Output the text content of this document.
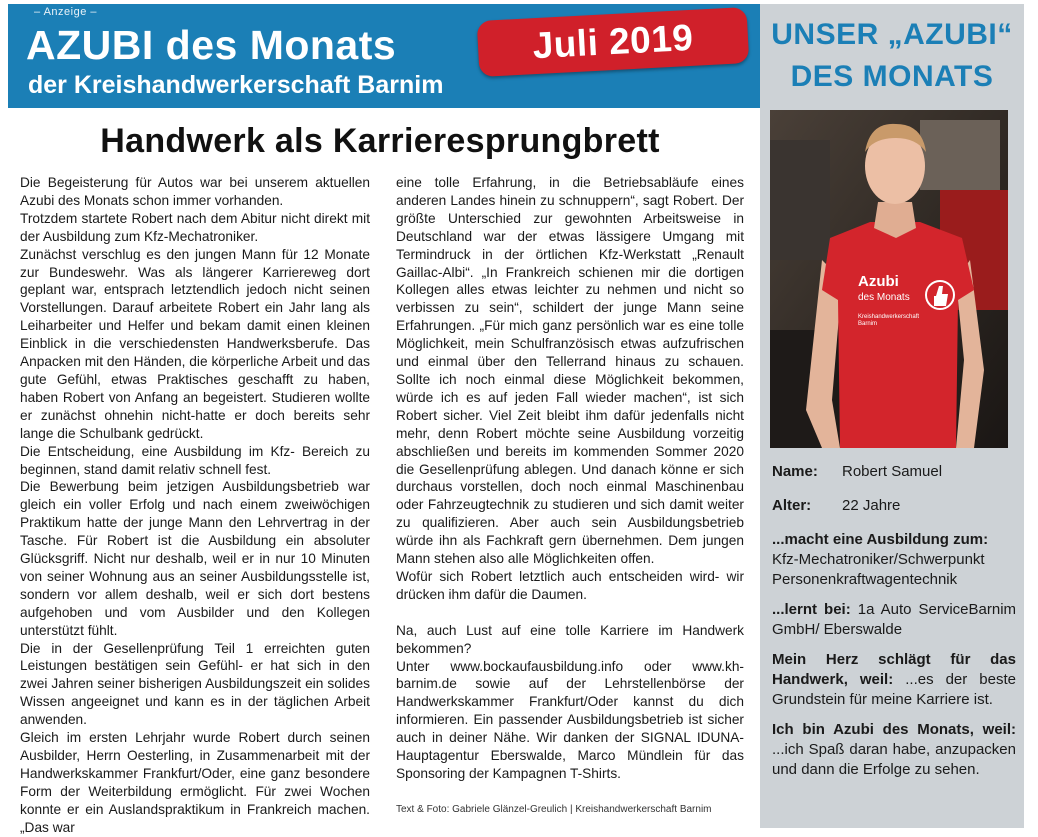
– Anzeige –
AZUBI des Monats
der Kreishandwerkerschaft Barnim
Juli 2019
Handwerk als Karrieresprungbrett

Die Begeisterung für Autos war bei unserem aktuellen Azubi des Monats schon immer vorhanden.

Trotzdem startete Robert nach dem Abitur nicht direkt mit der Ausbildung zum Kfz-Mechatroniker.

Zunächst verschlug es den jungen Mann für 12 Monate zur Bundeswehr. Was als längerer Karriereweg dort geplant war, entsprach letztendlich jedoch nicht seinen Vorstellungen. Darauf arbeitete Robert ein Jahr lang als Leiharbeiter und Helfer und bekam damit einen kleinen Einblick in die verschiedensten Handwerksberufe. Das Anpacken mit den Händen, die körperliche Arbeit und das gute Gefühl, etwas Praktisches geschafft zu haben, haben Robert von Anfang an begeistert. Studieren wollte er zunächst ohnehin nicht-hatte er doch bereits sehr lange die Schulbank gedrückt.

Die Entscheidung, eine Ausbildung im Kfz- Bereich zu beginnen, stand damit relativ schnell fest.

Die Bewerbung beim jetzigen Ausbildungsbetrieb war gleich ein voller Erfolg und nach einem zweiwöchigen Praktikum hatte der junge Mann den Lehrvertrag in der Tasche. Für Robert ist die Ausbildung ein absoluter Glücksgriff. Nicht nur deshalb, weil er in nur 10 Minuten von seiner Wohnung aus an seiner Ausbildungsstelle ist, sondern vor allem deshalb, weil er sich dort bestens aufgehoben und vom Ausbilder und den Kollegen unterstützt fühlt.

Die in der Gesellenprüfung Teil 1 erreichten guten Leistungen bestätigen sein Gefühl- er hat sich in den zwei Jahren seiner bisherigen Ausbildungszeit ein solides Wissen angeeignet und kann es in der täglichen Arbeit anwenden.

Gleich im ersten Lehrjahr wurde Robert durch seinen Ausbilder, Herrn Oesterling, in Zusammenarbeit mit der Handwerkskammer Frankfurt/Oder, eine ganz besondere Form der Weiterbildung ermöglicht. Für zwei Wochen konnte er ein Auslandspraktikum in Frankreich machen. „Das war

eine tolle Erfahrung, in die Betriebsabläufe eines anderen Landes hinein zu schnuppern“, sagt Robert. Der größte Unterschied zur gewohnten Arbeitsweise in Deutschland war der etwas lässigere Umgang mit Termindruck in der örtlichen Kfz-Werkstatt „Renault Gaillac-Albi“. „In Frankreich schienen mir die dortigen Kollegen alles etwas leichter zu nehmen und nicht so verbissen zu sein“, schildert der junge Mann seine Erfahrungen. „Für mich ganz persönlich war es eine tolle Möglichkeit, mein Schulfranzösisch etwas aufzufrischen und einmal über den Tellerrand hinaus zu schauen. Sollte ich noch einmal diese Möglichkeit bekommen, würde ich es auf jeden Fall wieder machen“, ist sich Robert sicher. Viel Zeit bleibt ihm dafür jedenfalls nicht mehr, denn Robert möchte seine Ausbildung vorzeitig abschließen und bereits im kommenden Sommer 2020 die Gesellenprüfung ablegen. Und danach könne er sich durchaus vorstellen, doch noch einmal Maschinenbau oder Fahrzeugtechnik zu studieren und sich damit weiter zu qualifizieren. Aber auch sein Ausbildungsbetrieb würde ihn als Fachkraft gern übernehmen. Dem jungen Mann stehen also alle Möglichkeiten offen.

Wofür sich Robert letztlich auch entscheiden wird- wir drücken ihm dafür die Daumen.

Na, auch Lust auf eine tolle Karriere im Handwerk bekommen?

Unter www.bockaufausbildung.info oder www.kh-barnim.de sowie auf der Lehrstellenbörse der Handwerkskammer Frankfurt/Oder kannst du dich informieren. Ein passender Ausbildungsbetrieb ist sicher auch in deiner Nähe. Wir danken der SIGNAL IDUNA- Hauptagentur Eberswalde, Marco Mündlein für das Sponsoring der Kampagnen T-Shirts.

Text & Foto: Gabriele Glänzel-Greulich | Kreishandwerkerschaft Barnim
UNSER „AZUBI“
DES MONATS
Azubi
des Monats
Kreishandwerkerschaft
Barnim
Name:	Robert Samuel
Alter:	22 Jahre
...macht eine Ausbildung zum:
Kfz-Mechatroniker/Schwerpunkt Personenkraftwagentechnik
...lernt bei: 1a Auto ServiceBarnim GmbH/ Eberswalde
Mein Herz schlägt für das Handwerk, weil: ...es der beste Grundstein für meine Karriere ist.
Ich bin Azubi des Monats, weil: ...ich Spaß daran habe, anzupacken und dann die Erfolge zu sehen.
